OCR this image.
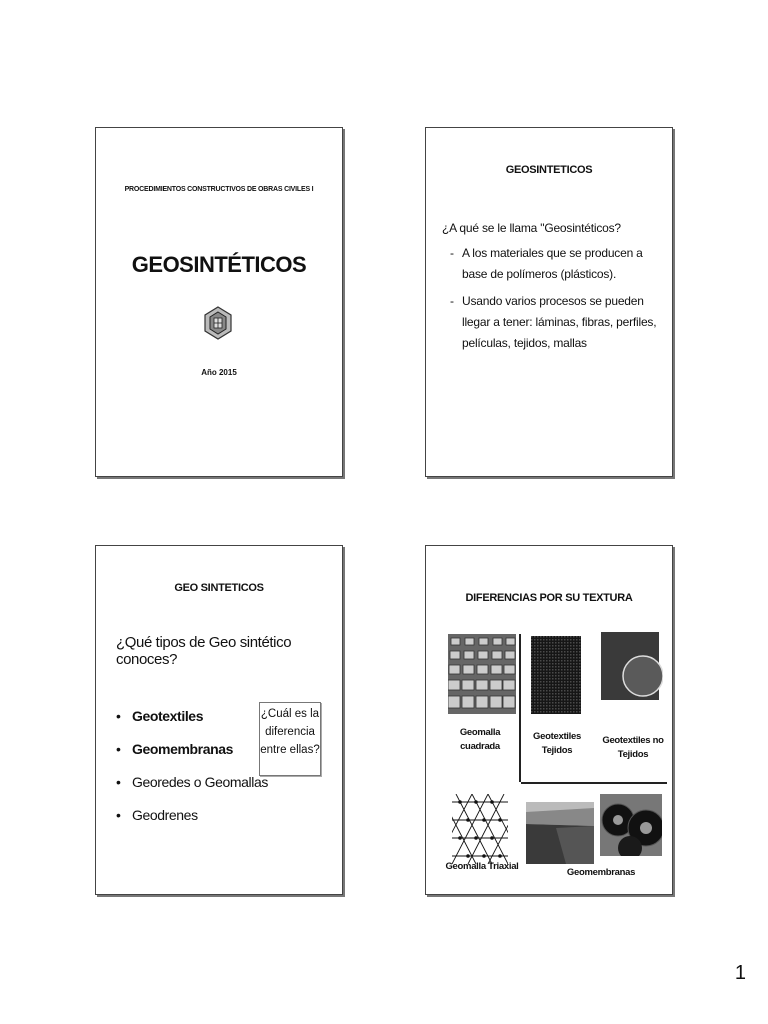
PROCEDIMIENTOS CONSTRUCTIVOS DE OBRAS CIVILES I
GEOSINTÉTICOS
Año 2015
GEOSINTETICOS
¿A qué se le llama "Geosintéticos?
- A los materiales que se producen a base de polímeros (plásticos).
- Usando varios procesos se pueden llegar a tener: láminas, fibras, perfiles, películas, tejidos, mallas
GEO SINTETICOS
¿Qué tipos de Geo sintético conoces?
• Geotextiles
• Geomembranas
• Georedes o Geomallas
• Geodrenes
¿Cuál es la diferencia entre ellas?
DIFERENCIAS POR SU TEXTURA
Geomalla cuadrada
Geotextiles Tejidos
Geotextiles no Tejidos
Geomalla Triaxial
Geomembranas
1
